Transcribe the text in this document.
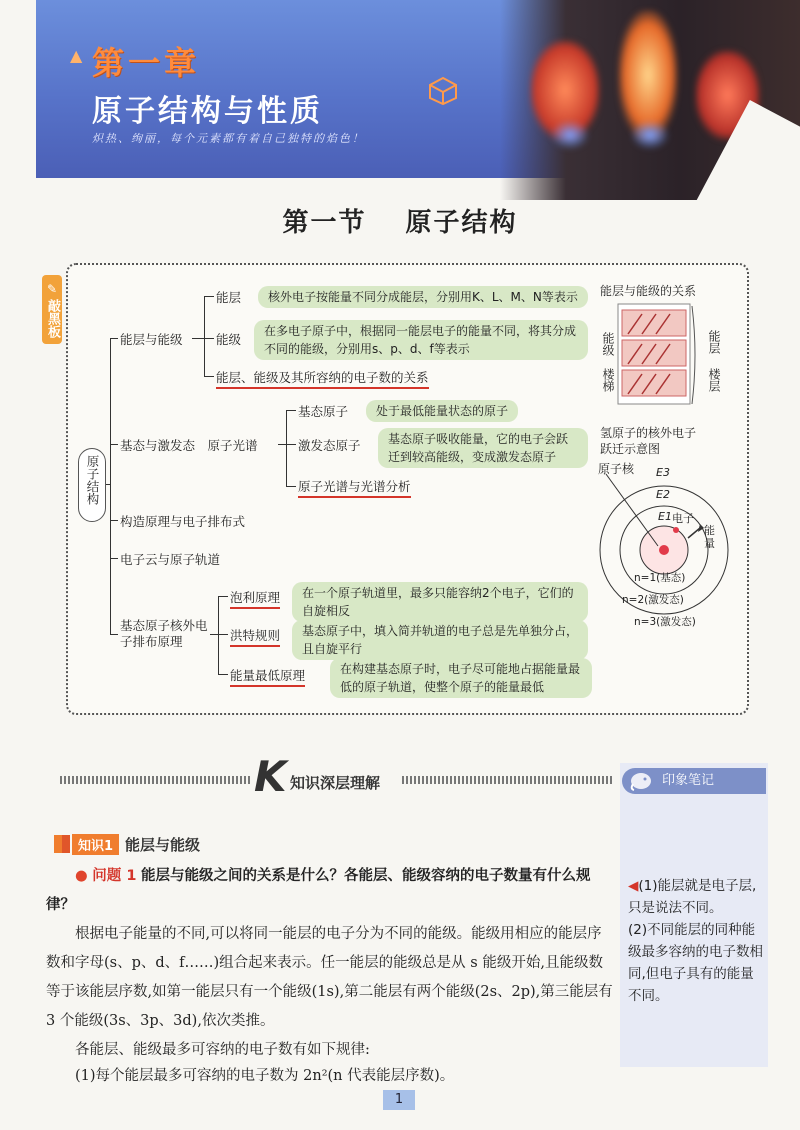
▲ 第一章
原子结构与性质
炽热、绚丽，每个元素都有着自己独特的焰色！
第一节 原子结构
✎
敲黑板
原子结构
能层与能级
基态与激发态　原子光谱
构造原理与电子排布式
电子云与原子轨道
基态原子核外电子排布原理
能层	核外电子按能量不同分成能层，分别用K、L、M、N等表示
能级
在多电子原子中，根据同一能层电子的能量不同，将其分成不同的能级，分别用s、p、d、f等表示
能层、能级及其所容纳的电子数的关系
基态原子	处于最低能量状态的原子
激发态原子	基态原子吸收能量，它的电子会跃迁到较高能级，变成激发态原子
原子光谱与光谱分析
泡利原理	在一个原子轨道里，最多只能容纳2个电子，它们的自旋相反
洪特规则	基态原子中，填入简并轨道的电子总是先单独分占，且自旋平行
能量最低原理	在构建基态原子时，电子尽可能地占据能量最低的原子轨道，使整个原子的能量最低
能层与能级的关系
能级
楼梯
能层
楼层
氢原子的核外电子
跃迁示意图
原子核 E3
E2
E1 电子
能量
n=1(基态)
n=2(激发态)
n=3(激发态)
K 知识深层理解	印象笔记
◀(1)能层就是电子层,只是说法不同。
(2)不同能层的同种能级最多容纳的电子数相同,但电子具有的能量不同。
知识1 能层与能级
● 问题 1 能层与能级之间的关系是什么？各能层、能级容纳的电子数量有什么规律？
根据电子能量的不同,可以将同一能层的电子分为不同的能级。能级用相应的能层序数和字母(s、p、d、f……)组合起来表示。任一能层的能级总是从 s 能级开始,且能级数等于该能层序数,如第一能层只有一个能级(1s),第二能层有两个能级(2s、2p),第三能层有 3 个能级(3s、3p、3d),依次类推。
各能层、能级最多可容纳的电子数有如下规律:
(1)每个能层最多可容纳的电子数为 2n²(n 代表能层序数)。
1
